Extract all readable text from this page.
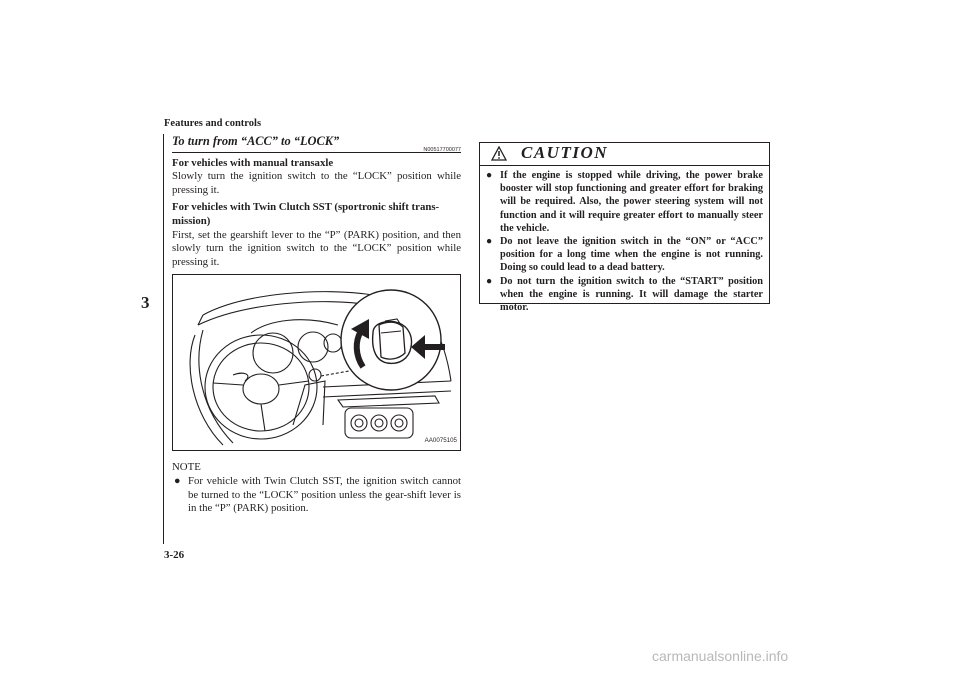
Features and controls
3
3-26
To turn from “ACC” to “LOCK”
N00517700077
For vehicles with manual transaxle
Slowly turn the ignition switch to the “LOCK” position while pressing it.
For vehicles with Twin Clutch SST (sportronic shift trans-mission)
First, set the gearshift lever to the “P” (PARK) position, and then slowly turn the ignition switch to the “LOCK” position while pressing it.
AA0075105
NOTE
● For vehicle with Twin Clutch SST, the ignition switch cannot be turned to the “LOCK” position unless the gear-shift lever is in the “P” (PARK) position.
CAUTION
● If the engine is stopped while driving, the power brake booster will stop functioning and greater effort for braking will be required. Also, the power steering system will not function and it will require greater effort to manually steer the vehicle.
● Do not leave the ignition switch in the “ON” or “ACC” position for a long time when the engine is not running. Doing so could lead to a dead battery.
● Do not turn the ignition switch to the “START” position when the engine is running. It will damage the starter motor.
carmanualsonline.info
